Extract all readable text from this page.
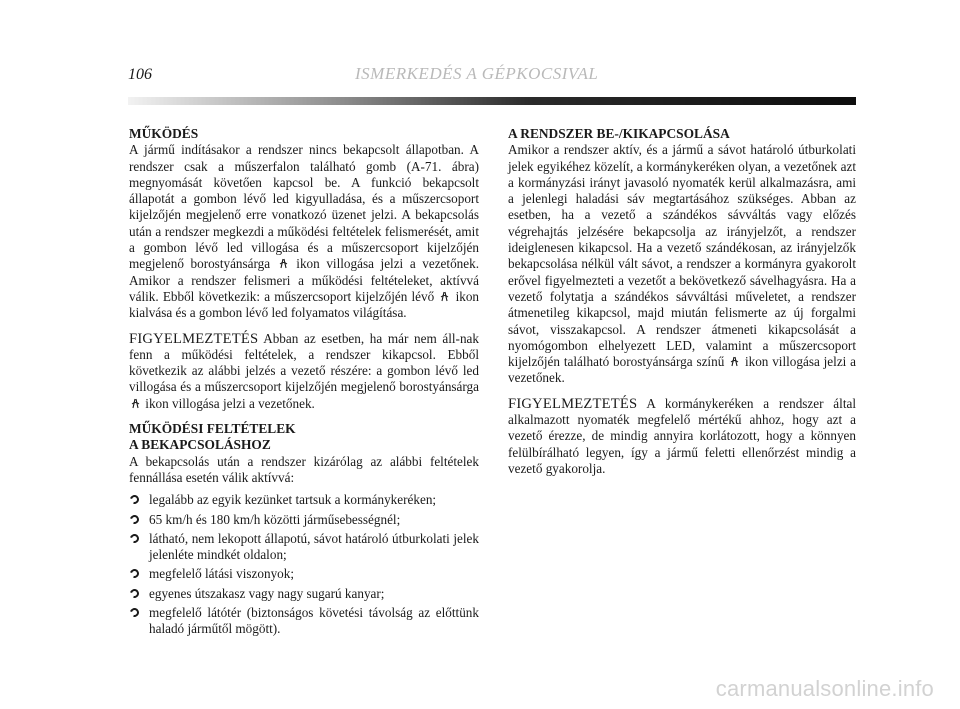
106	ISMERKEDÉS A GÉPKOCSIVAL

MŰKÖDÉS

A jármű indításakor a rendszer nincs bekapcsolt állapotban. A rendszer csak a műszerfalon található gomb (A-71. ábra) megnyomását követően kapcsol be. A funkció bekapcsolt állapotát a gombon lévő led kigyulladása, és a műszercsoport kijelzőjén megjelenő erre vonatkozó üzenet jelzi. A bekapcsolás után a rendszer megkezdi a működési feltételek felismerését, amit a gombon lévő led villogása és a műszercsoport kijelzőjén megjelenő borostyánsárga ikon villogása jelzi a vezetőnek. Amikor a rendszer felismeri a működési feltételeket, aktívvá válik. Ebből következik: a műszercsoport kijelzőjén lévő ikon kialvása és a gombon lévő led folyamatos világítása.

FIGYELMEZTETÉS Abban az esetben, ha már nem áll-nak fenn a működési feltételek, a rendszer kikapcsol. Ebből következik az alábbi jelzés a vezető részére: a gombon lévő led villogása és a műszercsoport kijelzőjén megjelenő borostyánsárga  ikon villogása jelzi a vezetőnek.

MŰKÖDÉSI FELTÉTELEK
A BEKAPCSOLÁSHOZ

A bekapcsolás után a rendszer kizárólag az alábbi feltételek fennállása esetén válik aktívvá:

legalább az egyik kezünket tartsuk a kormánykeréken;
65 km/h és 180 km/h közötti járműsebességnél;
látható, nem lekopott állapotú, sávot határoló útburkolati jelek jelenléte mindkét oldalon;
megfelelő látási viszonyok;
egyenes útszakasz vagy nagy sugarú kanyar;
megfelelő látótér (biztonságos követési távolság az előttünk haladó járműtől mögött).

A RENDSZER BE-/KIKAPCSOLÁSA

Amikor a rendszer aktív, és a jármű a sávot határoló útburkolati jelek egyikéhez közelít, a kormánykeréken olyan, a vezetőnek azt a kormányzási irányt javasoló nyomaték kerül alkalmazásra, ami a jelenlegi haladási sáv megtartásához szükséges. Abban az esetben, ha a vezető a szándékos sávváltás vagy előzés végrehajtás jelzésére bekapcsolja az irányjelzőt, a rendszer ideiglenesen kikapcsol. Ha a vezető szándékosan, az irányjelzők bekapcsolása nélkül vált sávot, a rendszer a kormányra gyakorolt erővel figyelmezteti a vezetőt a bekövetkező sávelhagyásra. Ha a vezető folytatja a szándékos sávváltási műveletet, a rendszer átmenetileg kikapcsol, majd miután felismerte az új forgalmi sávot, visszakapcsol. A rendszer átmeneti kikapcsolását a nyomógombon elhelyezett LED, valamint a műszercsoport kijelzőjén található borostyánsárga színű ikon villogása jelzi a vezetőnek.

FIGYELMEZTETÉS A kormánykeréken a rendszer által alkalmazott nyomaték megfelelő mértékű ahhoz, hogy azt a vezető érezze, de mindig annyira korlátozott, hogy a könnyen felülbírálható legyen, így a jármű feletti ellenőrzést mindig a vezető gyakorolja.

carmanualsonline.info
